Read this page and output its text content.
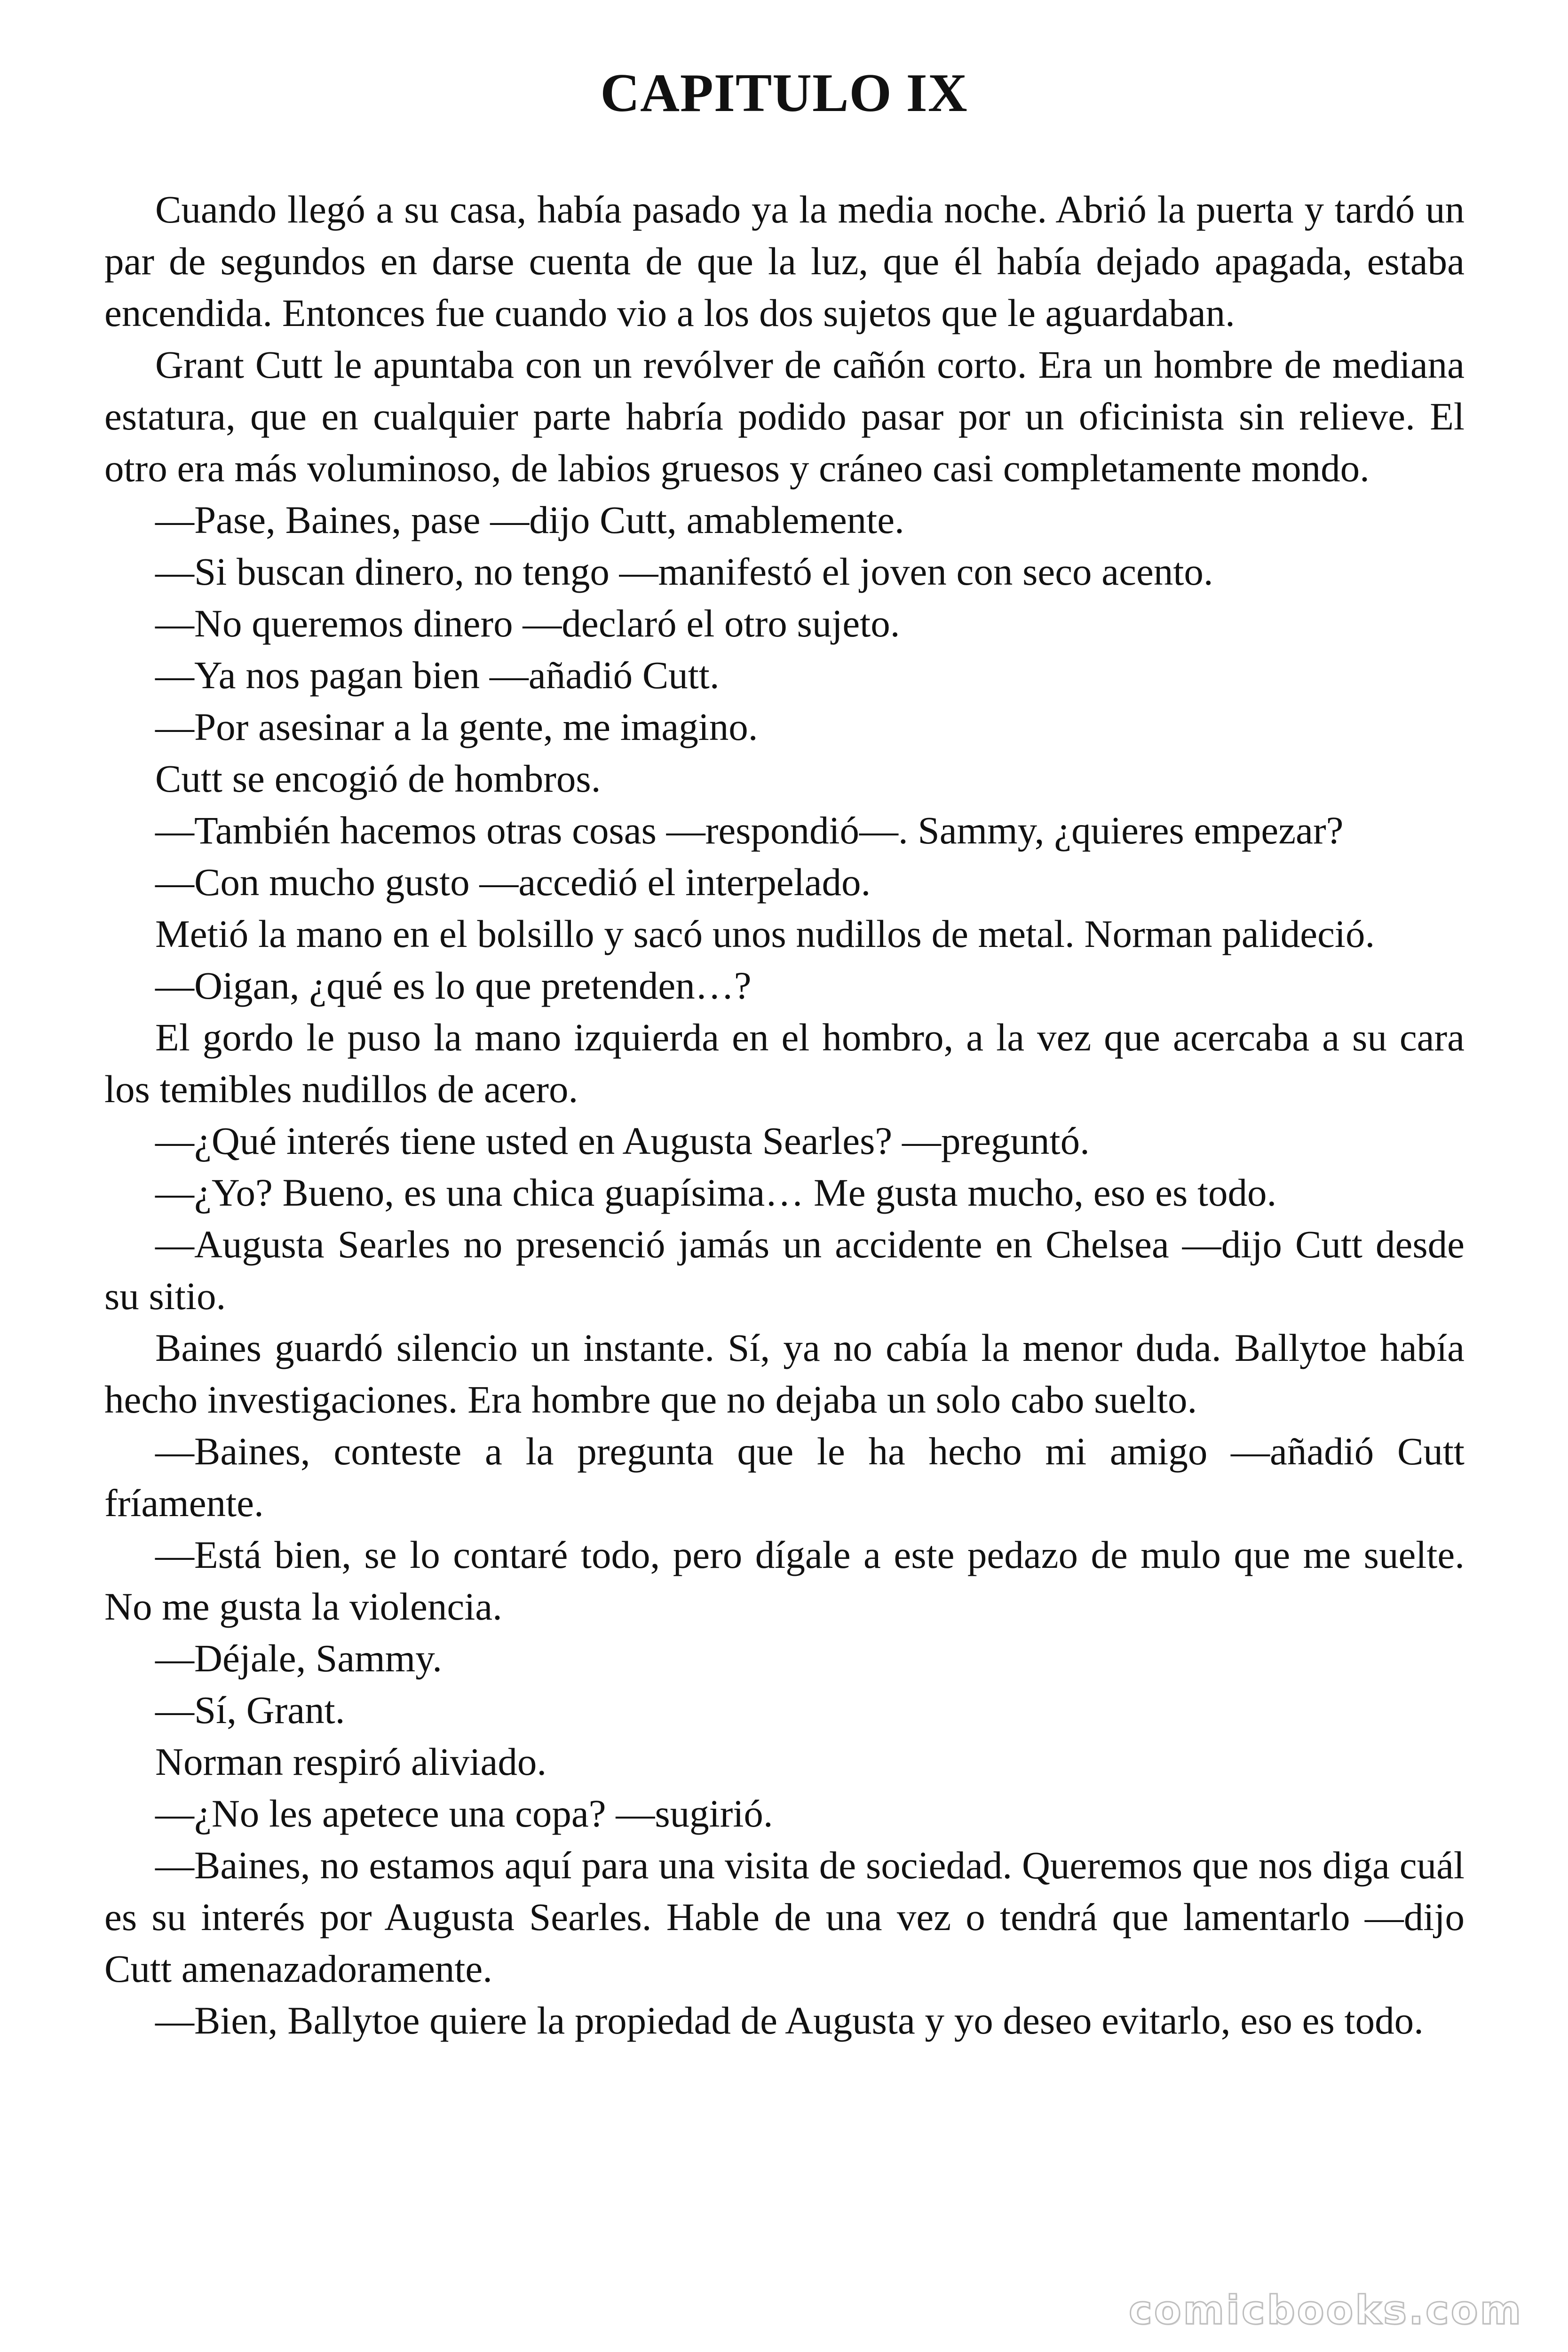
CAPITULO IX

Cuando llegó a su casa, había pasado ya la media noche. Abrió la puerta y tardó un par de segundos en darse cuenta de que la luz, que él había dejado apagada, estaba encendida. Entonces fue cuando vio a los dos sujetos que le aguardaban.

Grant Cutt le apuntaba con un revólver de cañón corto. Era un hombre de mediana estatura, que en cualquier parte habría podido pasar por un oficinista sin relieve. El otro era más voluminoso, de labios gruesos y cráneo casi completamente mondo.

—Pase, Baines, pase —dijo Cutt, amablemente.

—Si buscan dinero, no tengo —manifestó el joven con seco acento.

—No queremos dinero —declaró el otro sujeto.

—Ya nos pagan bien —añadió Cutt.

—Por asesinar a la gente, me imagino.

Cutt se encogió de hombros.

—También hacemos otras cosas —respondió—. Sammy, ¿quieres empezar?

—Con mucho gusto —accedió el interpelado.

Metió la mano en el bolsillo y sacó unos nudillos de metal. Norman palideció.

—Oigan, ¿qué es lo que pretenden…?

El gordo le puso la mano izquierda en el hombro, a la vez que acercaba a su cara los temibles nudillos de acero.

—¿Qué interés tiene usted en Augusta Searles? —preguntó.

—¿Yo? Bueno, es una chica guapísima… Me gusta mucho, eso es todo.

—Augusta Searles no presenció jamás un accidente en Chelsea —dijo Cutt desde su sitio.

Baines guardó silencio un instante. Sí, ya no cabía la menor duda. Ballytoe había hecho investigaciones. Era hombre que no dejaba un solo cabo suelto.

—Baines, conteste a la pregunta que le ha hecho mi amigo —añadió Cutt fríamente.

—Está bien, se lo contaré todo, pero dígale a este pedazo de mulo que me suelte. No me gusta la violencia.

—Déjale, Sammy.

—Sí, Grant.

Norman respiró aliviado.

—¿No les apetece una copa? —sugirió.

—Baines, no estamos aquí para una visita de sociedad. Queremos que nos diga cuál es su interés por Augusta Searles. Hable de una vez o tendrá que lamentarlo —dijo Cutt amenazadoramente.

—Bien, Ballytoe quiere la propiedad de Augusta y yo deseo evitarlo, eso es todo.

comicbooks.com
